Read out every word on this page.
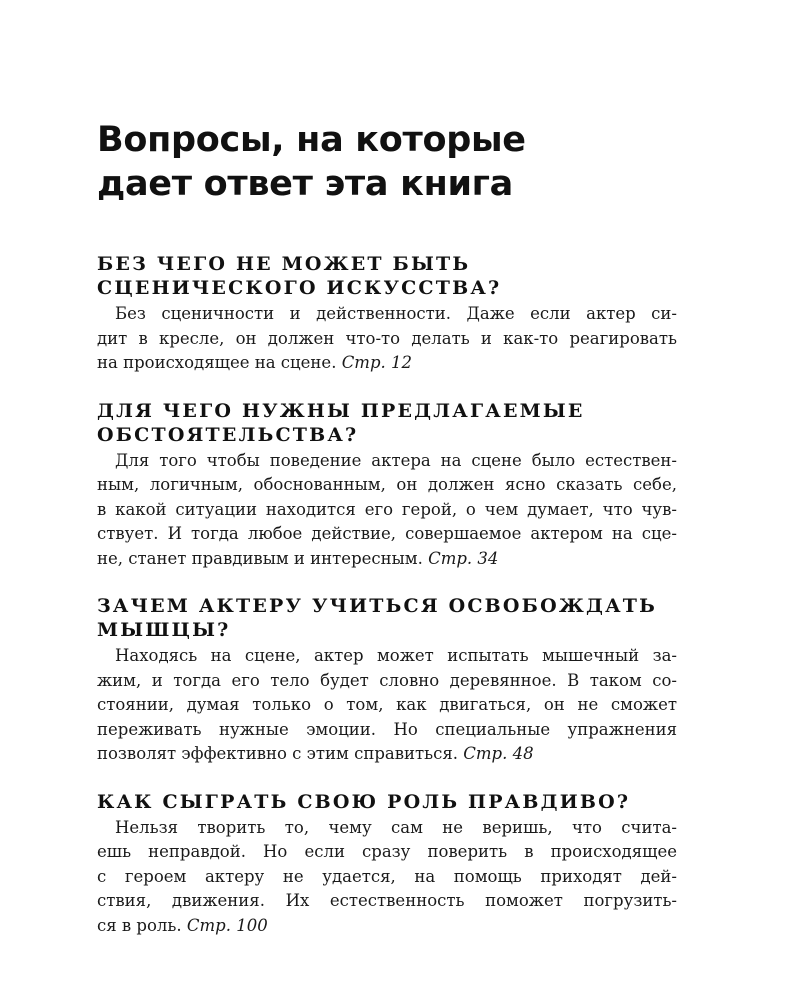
Вопросы, на которые
дает ответ эта книга
БЕЗ ЧЕГО НЕ МОЖЕТ БЫТЬ
СЦЕНИЧЕСКОГО ИСКУССТВА?

Без сценичности и действенности. Даже если актер си-
дит в кресле, он должен что-то делать и как-то реагировать
на происходящее на сцене. Стр. 12

ДЛЯ ЧЕГО НУЖНЫ ПРЕДЛАГАЕМЫЕ
ОБСТОЯТЕЛЬСТВА?

Для того чтобы поведение актера на сцене было естествен-
ным, логичным, обоснованным, он должен ясно сказать себе,
в какой ситуации находится его герой, о чем думает, что чув-
ствует. И тогда любое действие, совершаемое актером на сце-
не, станет правдивым и интересным. Стр. 34

ЗАЧЕМ АКТЕРУ УЧИТЬСЯ ОСВОБОЖДАТЬ
МЫШЦЫ?

Находясь на сцене, актер может испытать мышечный за-
жим, и тогда его тело будет словно деревянное. В таком со-
стоянии, думая только о том, как двигаться, он не сможет
переживать нужные эмоции. Но специальные упражнения
позволят эффективно с этим справиться. Стр. 48

КАК СЫГРАТЬ СВОЮ РОЛЬ ПРАВДИВО?

Нельзя творить то, чему сам не веришь, что счита-
ешь неправдой. Но если сразу поверить в происходящее
с героем актеру не удается, на помощь приходят дей-
ствия, движения. Их естественность поможет погрузить-
ся в роль. Стр. 100
